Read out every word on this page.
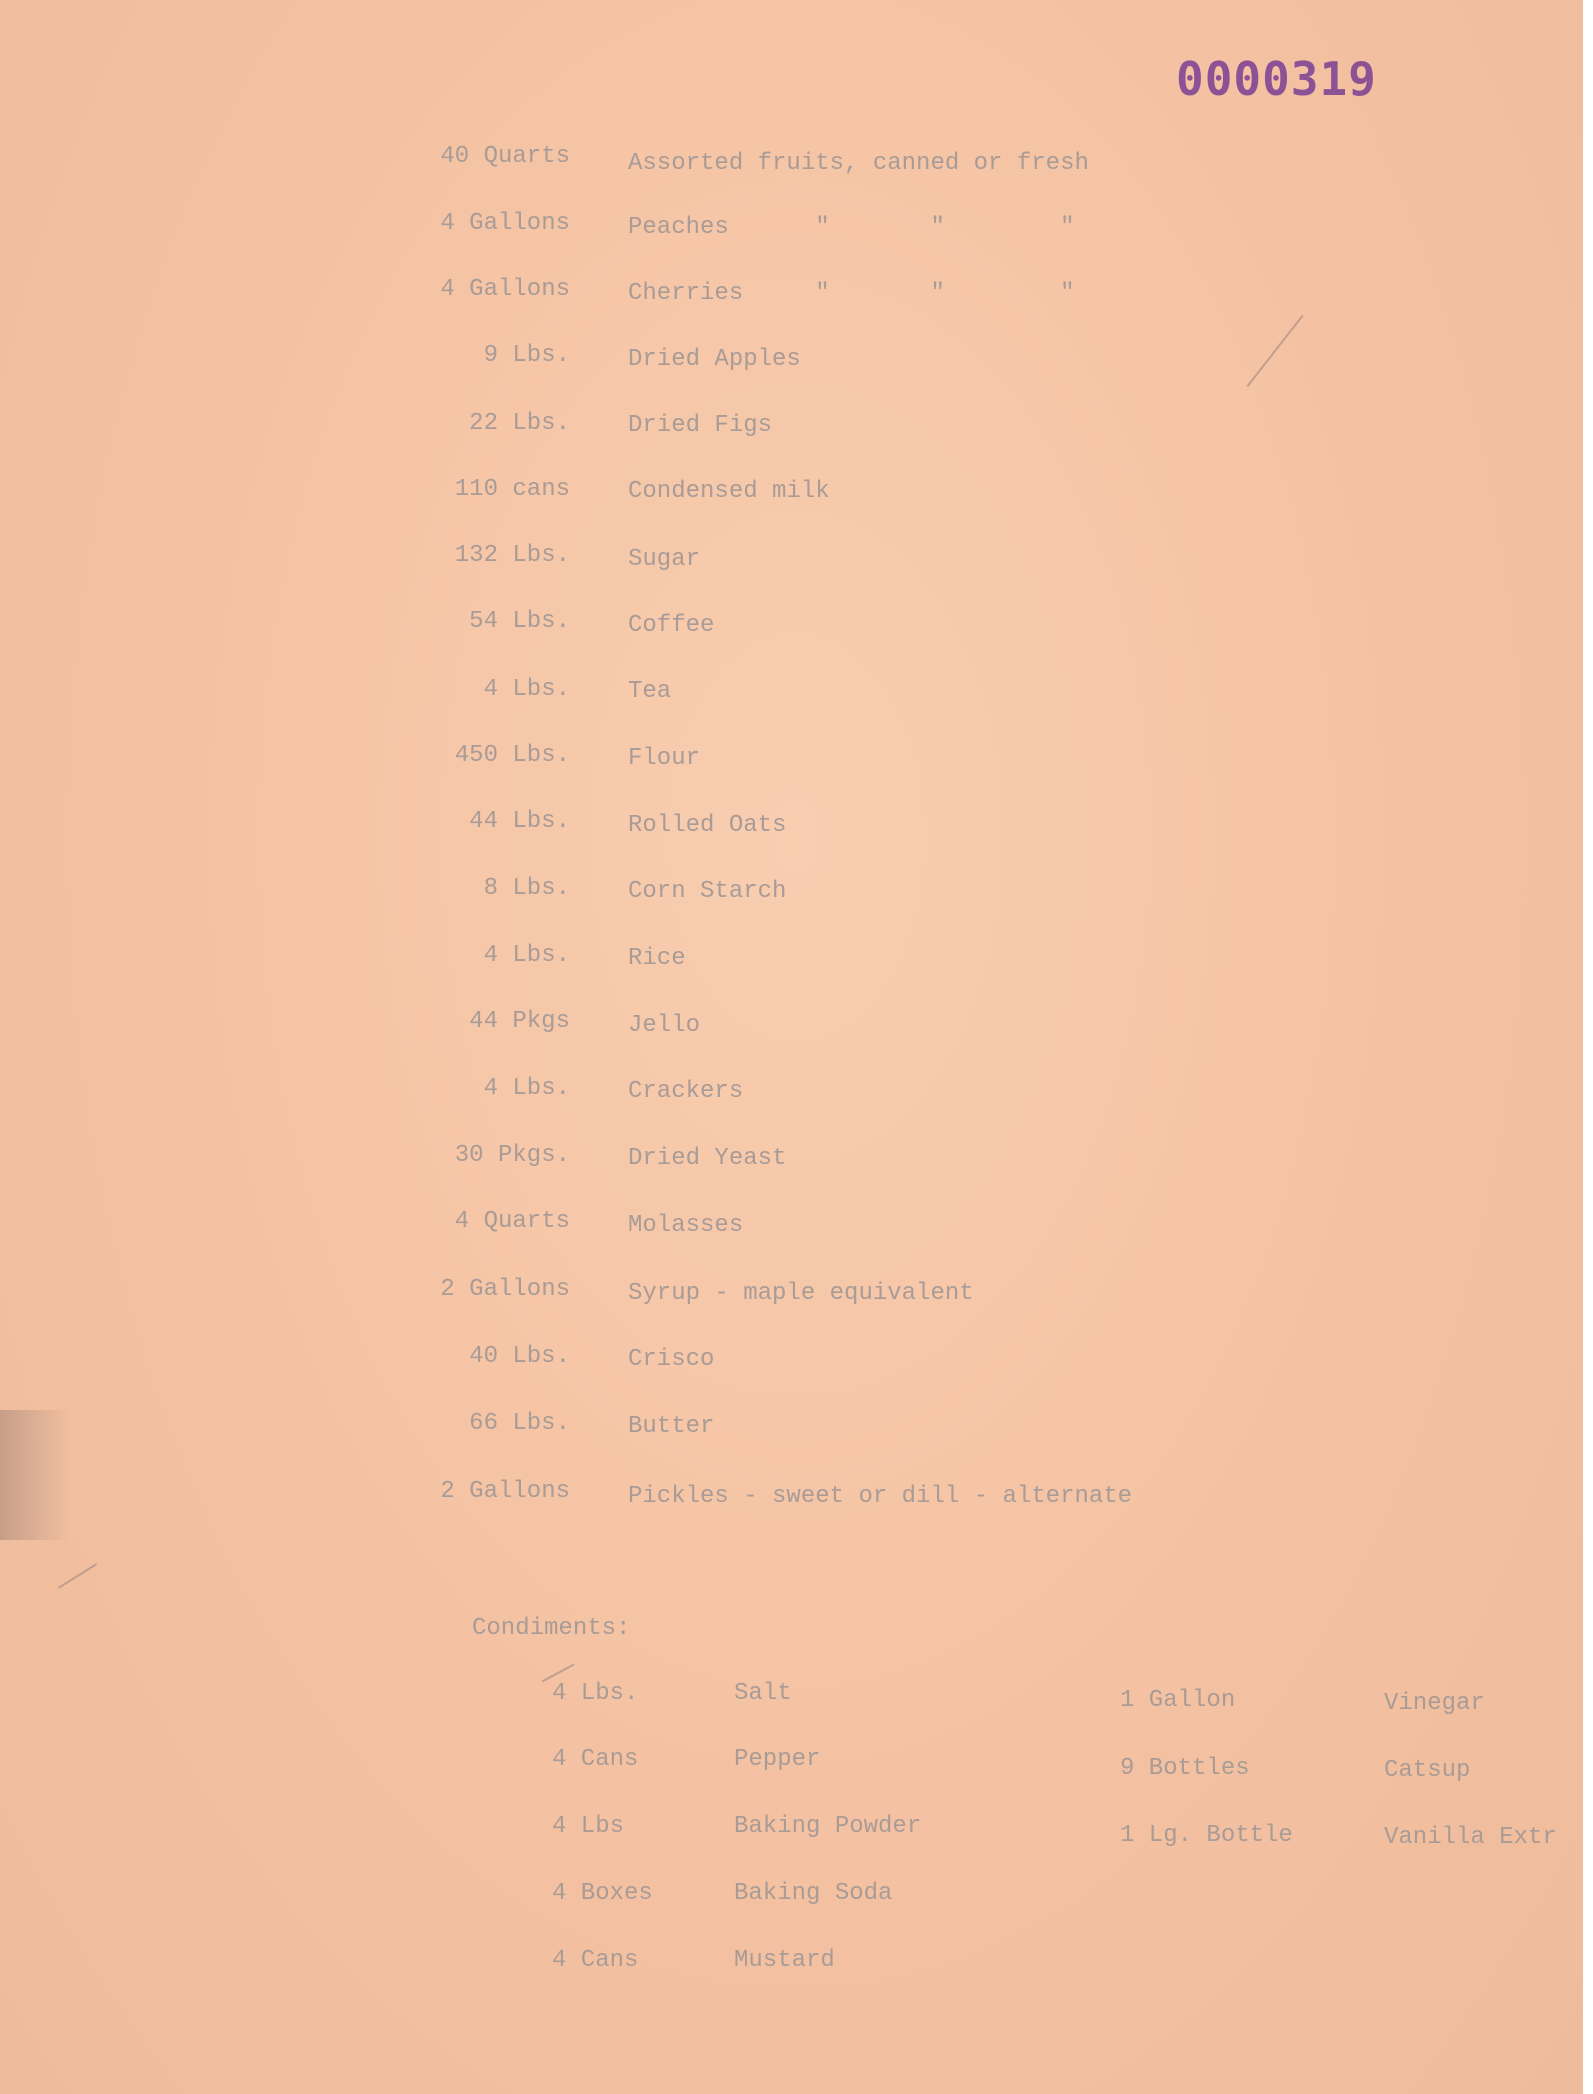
0000319
40 Quarts Assorted fruits, canned or fresh
4 Gallons Peaches      "       "        "
4 Gallons Cherries     "       "        "
9 Lbs. Dried Apples
22 Lbs. Dried Figs
110 cans Condensed milk
132 Lbs. Sugar
54 Lbs. Coffee
4 Lbs. Tea
450 Lbs. Flour
44 Lbs. Rolled Oats
8 Lbs. Corn Starch
4 Lbs. Rice
44 Pkgs Jello
4 Lbs. Crackers
30 Pkgs. Dried Yeast
4 Quarts Molasses
2 Gallons Syrup - maple equivalent
40 Lbs. Crisco
66 Lbs. Butter
2 Gallons Pickles - sweet or dill - alternate
Condiments:
4 Lbs.	Salt
4 Cans	Pepper
4 Lbs	Baking Powder
4 Boxes	Baking Soda
4 Cans	Mustard
1 Gallon	Vinegar
9 Bottles	Catsup
1 Lg. Bottle	Vanilla Extr
